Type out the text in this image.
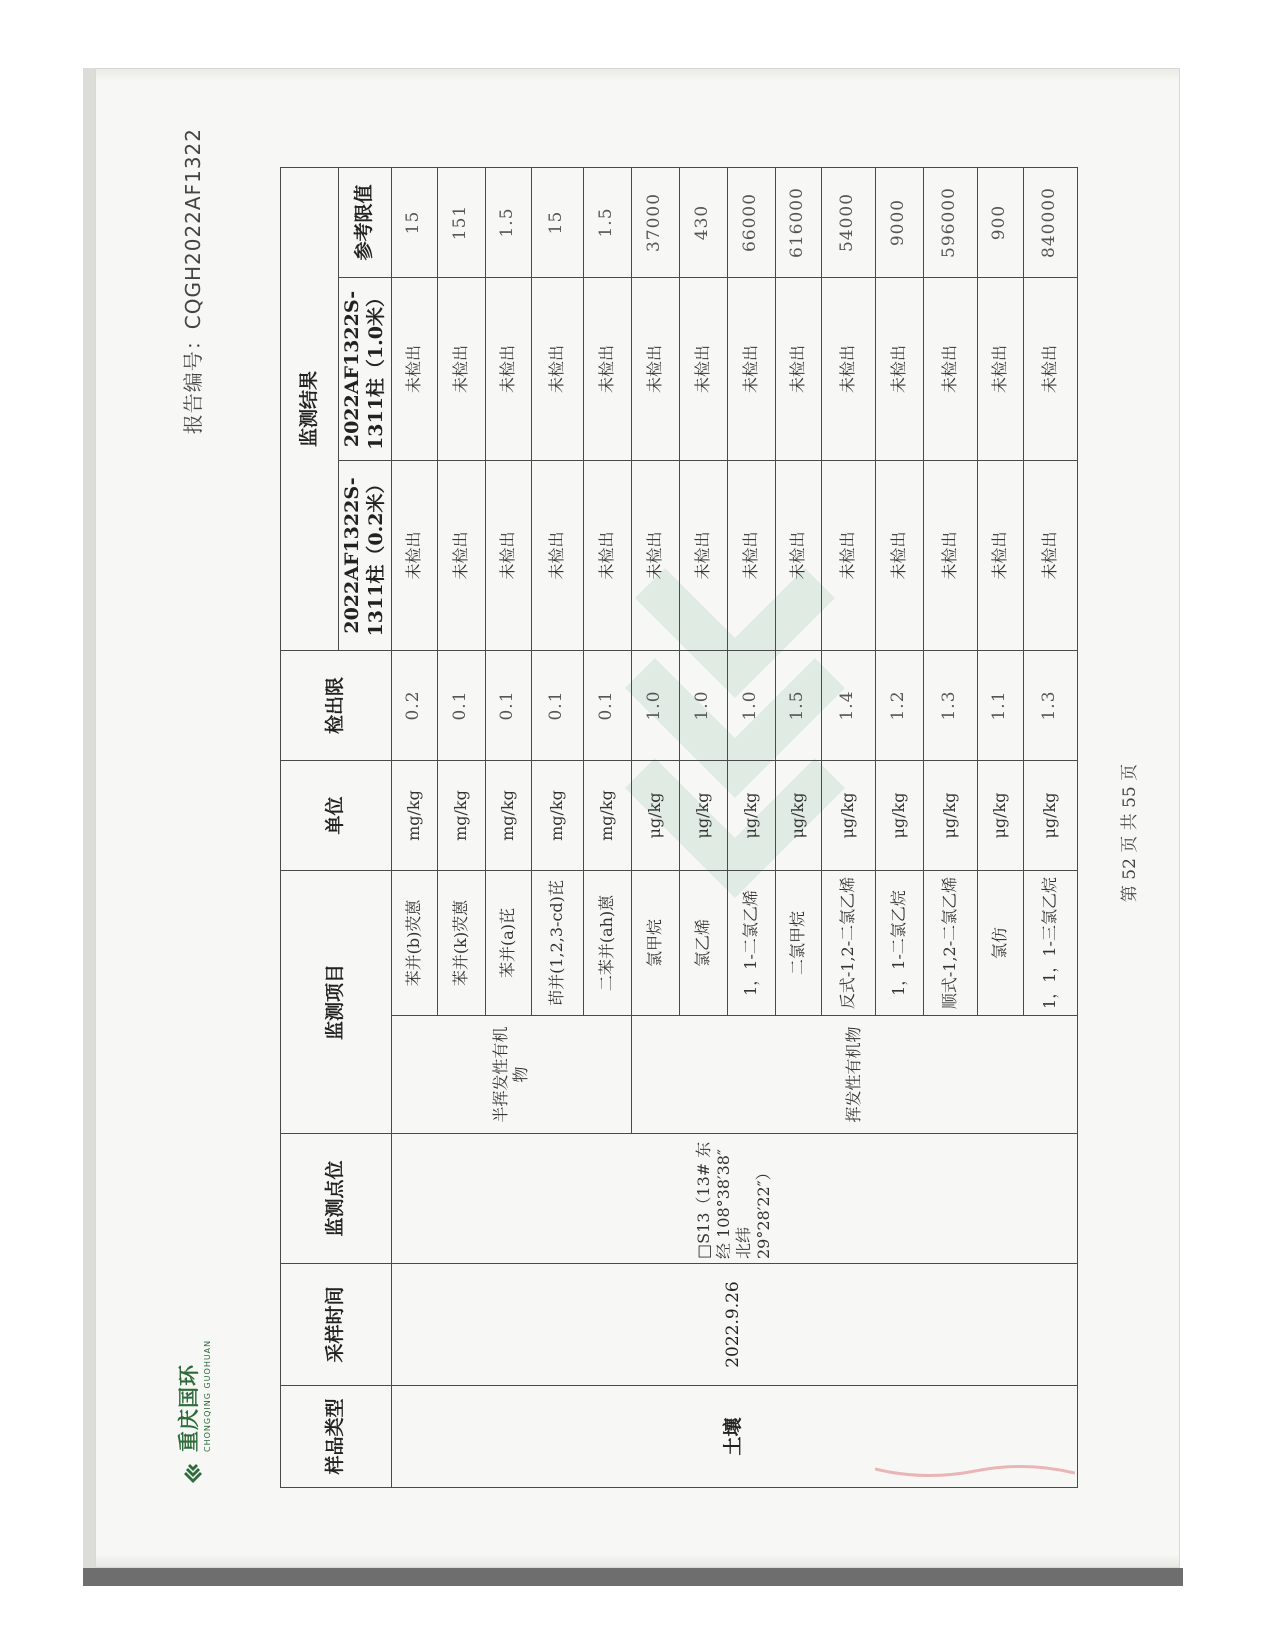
重庆国环 CHONGQING GUOHUAN
报告编号：CQGH2022AF1322
样品类型	采样时间	监测点位	监测项目		单位	检出限	监测结果		
							2022AF1322S-1311柱（0.2米）	2022AF1322S-1311柱（1.0米）	参考限值
土壤	2022.9.26	□S13（13# 东经 108°38′38″ 北纬 29°28′22″）	半挥发性有机物	苯并(b)荧蒽	mg/kg	0.2	未检出	未检出	15
				苯并(k)荧蒽	mg/kg	0.1	未检出	未检出	151
				苯并(a)芘	mg/kg	0.1	未检出	未检出	1.5
				茚并(1,2,3-cd)芘	mg/kg	0.1	未检出	未检出	15
				二苯并(ah)蒽	mg/kg	0.1	未检出	未检出	1.5
			挥发性有机物	氯甲烷	μg/kg	1.0	未检出	未检出	37000
				氯乙烯	μg/kg	1.0	未检出	未检出	430
				1，1-二氯乙烯	μg/kg	1.0	未检出	未检出	66000
				二氯甲烷	μg/kg	1.5	未检出	未检出	616000
				反式-1,2-二氯乙烯	μg/kg	1.4	未检出	未检出	54000
				1，1-二氯乙烷	μg/kg	1.2	未检出	未检出	9000
				顺式-1,2-二氯乙烯	μg/kg	1.3	未检出	未检出	596000
				氯仿	μg/kg	1.1	未检出	未检出	900
				1，1，1-三氯乙烷	μg/kg	1.3	未检出	未检出	840000
第 52 页 共 55 页
